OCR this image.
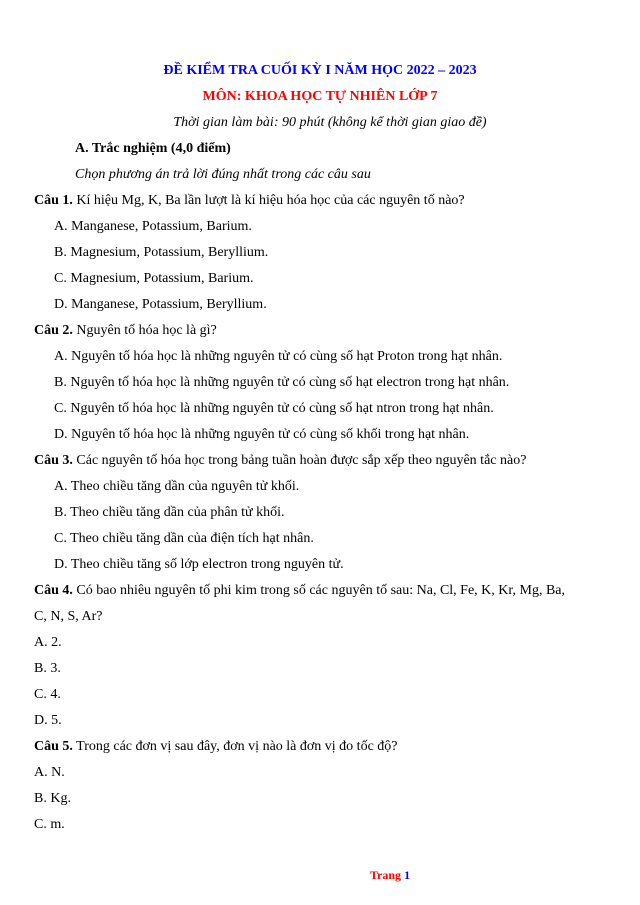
ĐỀ KIỂM TRA CUỐI KỲ I NĂM HỌC 2022 – 2023
MÔN: KHOA HỌC TỰ NHIÊN LỚP 7
Thời gian làm bài: 90 phút (không kể thời gian giao đề)
A. Trắc nghiệm (4,0 điểm)
Chọn phương án trả lời đúng nhất trong các câu sau
Câu 1. Kí hiệu Mg, K, Ba lần lượt là kí hiệu hóa học của các nguyên tố nào?
A. Manganese, Potassium, Barium.
B. Magnesium, Potassium, Beryllium.
C. Magnesium, Potassium, Barium.
D. Manganese, Potassium, Beryllium.
Câu 2. Nguyên tố hóa học là gì?
A. Nguyên tố hóa học là những nguyên tử có cùng số hạt Proton trong hạt nhân.
B. Nguyên tố hóa học là những nguyên tử có cùng số hạt electron trong hạt nhân.
C. Nguyên tố hóa học là những nguyên tử có cùng số hạt ntron trong hạt nhân.
D. Nguyên tố hóa học là những nguyên tử có cùng số khối trong hạt nhân.
Câu 3. Các nguyên tố hóa học trong bảng tuần hoàn được sắp xếp theo nguyên tắc nào?
A. Theo chiều tăng dần của nguyên tử khối.
B. Theo chiều tăng dần của phân tử khối.
C. Theo chiều tăng dần của điện tích hạt nhân.
D. Theo chiều tăng số lớp electron trong nguyên tử.
Câu 4. Có bao nhiêu nguyên tố phi kim trong số các nguyên tố sau: Na, Cl, Fe, K, Kr, Mg, Ba,
C, N, S, Ar?
A. 2.
B. 3.
C. 4.
D. 5.
Câu 5. Trong các đơn vị sau đây, đơn vị nào là đơn vị đo tốc độ?
A. N.
B. Kg.
C. m.
Trang 1
